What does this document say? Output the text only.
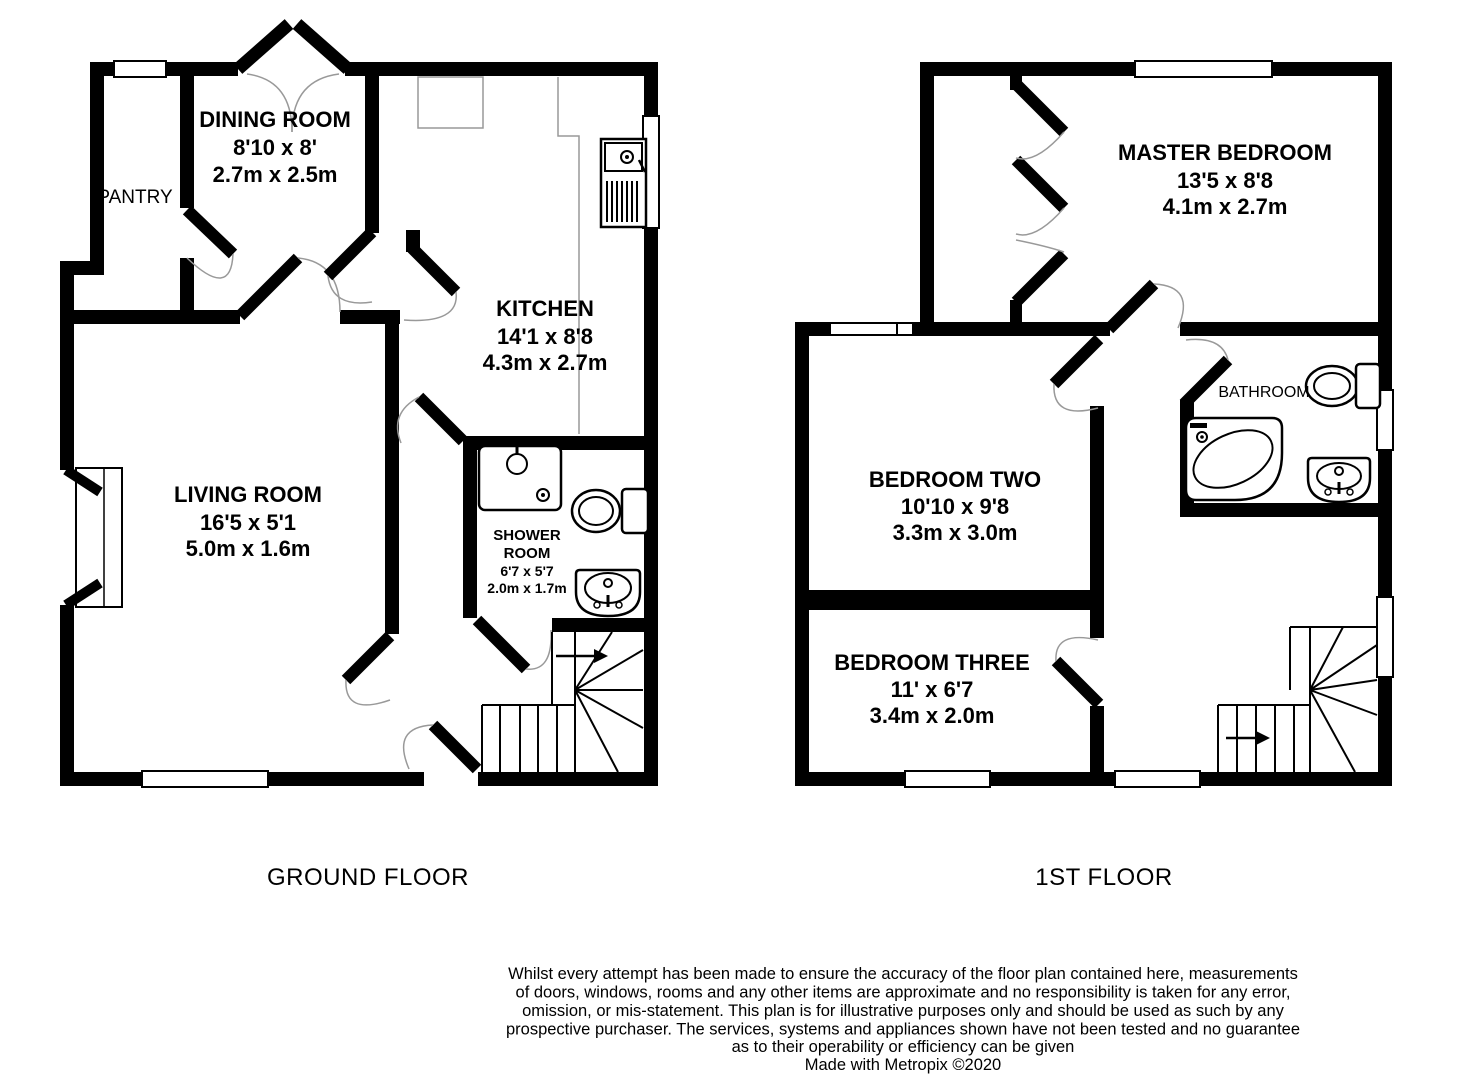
PANTRY
DINING ROOM
8'10 x 8'
2.7m x 2.5m
KITCHEN
14'1 x 8'8
4.3m x 2.7m
LIVING ROOM
16'5 x 5'1
5.0m x 1.6m
SHOWER
ROOM
6'7 x 5'7
2.0m x 1.7m
MASTER BEDROOM
13'5 x 8'8
4.1m x 2.7m
BEDROOM TWO
10'10 x 9'8
3.3m x 3.0m
BATHROOM
BEDROOM THREE
11' x 6'7
3.4m x 2.0m
GROUND FLOOR	1ST FLOOR
Whilst every attempt has been made to ensure the accuracy of the floor plan contained here, measurements
of doors, windows, rooms and any other items are approximate and no responsibility is taken for any error,
omission, or mis-statement. This plan is for illustrative purposes only and should be used as such by any
prospective purchaser. The services, systems and appliances shown have not been tested and no guarantee
as to their operability or efficiency can be given
Made with Metropix ©2020
